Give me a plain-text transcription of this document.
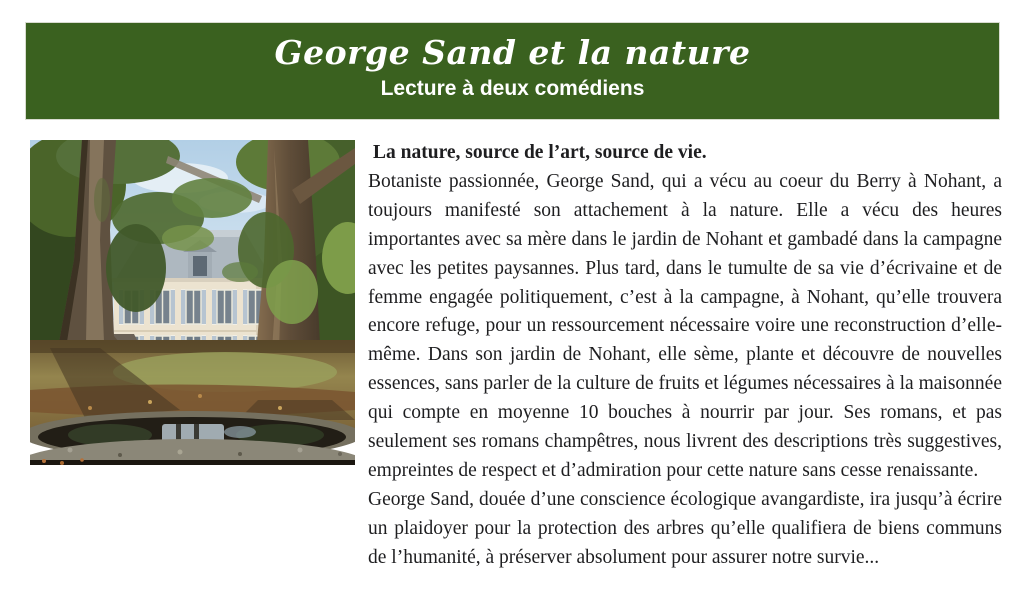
George Sand et la nature
Lecture à deux comédiens
La nature, source de l’art, source de vie.

Botaniste passionnée, George Sand, qui a vécu au coeur du Berry à Nohant, a toujours manifesté son attachement à la nature. Elle a vécu des heures importantes avec sa mère dans le jardin de Nohant et gambadé dans la campagne avec les petites paysannes. Plus tard, dans le tumulte de sa vie d’écrivaine et de femme engagée politiquement, c’est à la campagne, à Nohant, qu’elle trouvera encore refuge, pour un ressourcement nécessaire voire une reconstruction d’elle-même. Dans son jardin de Nohant, elle sème, plante et découvre de nouvelles essences, sans parler de la culture de fruits et légumes nécessaires à la maisonnée qui compte en moyenne 10 bouches à nourrir par jour. Ses romans, et pas seulement ses romans champêtres, nous livrent des descriptions très suggestives, empreintes de respect et d’admiration pour cette nature sans cesse renaissante.

George Sand, douée d’une conscience écologique avangardiste, ira jusqu’à écrire un plaidoyer pour la protection des arbres qu’elle qualifiera de biens communs de l’humanité, à préserver absolument pour assurer notre survie...
